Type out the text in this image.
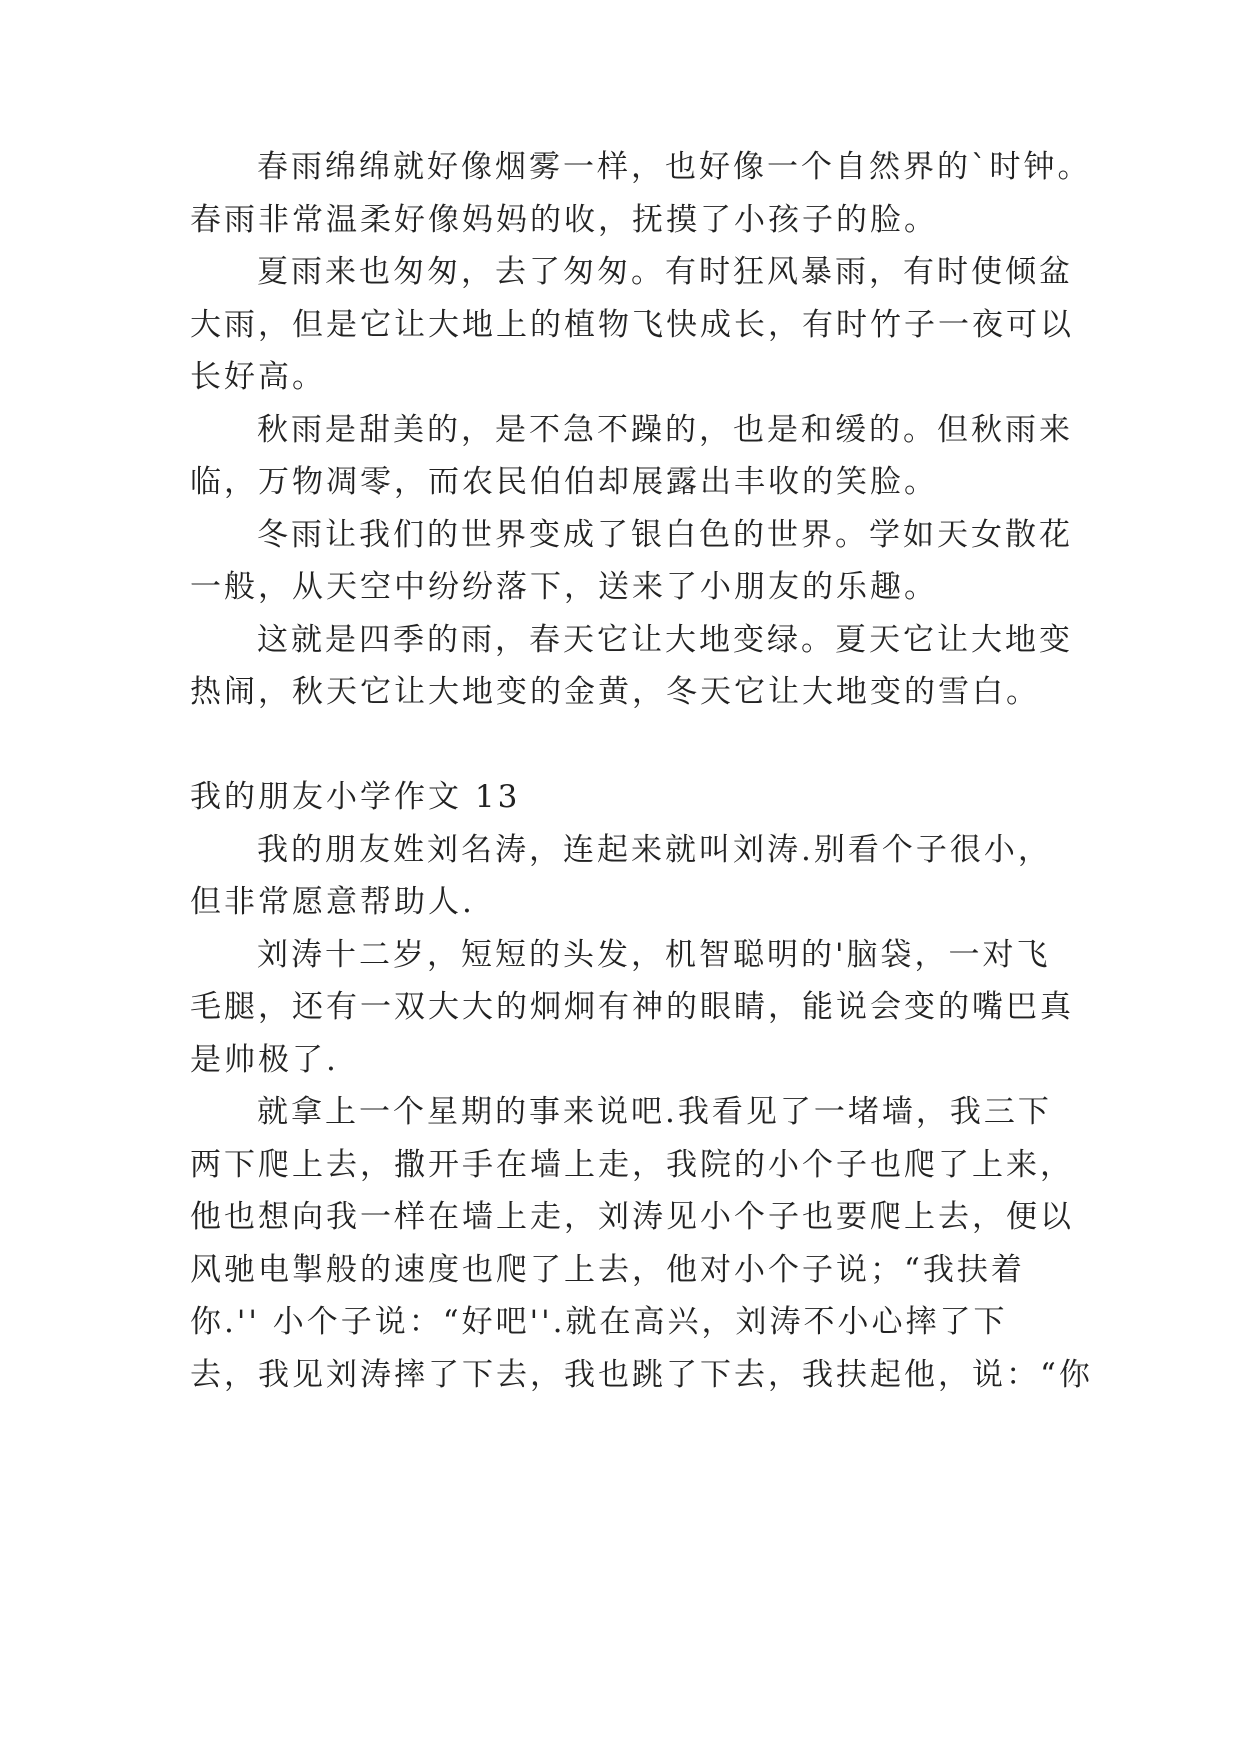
春雨绵绵就好像烟雾一样，也好像一个自然界的`时钟。
春雨非常温柔好像妈妈的收，抚摸了小孩子的脸。
夏雨来也匆匆，去了匆匆。有时狂风暴雨，有时使倾盆
大雨，但是它让大地上的植物飞快成长，有时竹子一夜可以
长好高。
秋雨是甜美的，是不急不躁的，也是和缓的。但秋雨来
临，万物凋零，而农民伯伯却展露出丰收的笑脸。
冬雨让我们的世界变成了银白色的世界。学如天女散花
一般，从天空中纷纷落下，送来了小朋友的乐趣。
这就是四季的雨，春天它让大地变绿。夏天它让大地变
热闹，秋天它让大地变的金黄，冬天它让大地变的雪白。
我的朋友小学作文 13
我的朋友姓刘名涛，连起来就叫刘涛.别看个子很小，
但非常愿意帮助人.
刘涛十二岁，短短的头发，机智聪明的'脑袋，一对飞
毛腿，还有一双大大的炯炯有神的眼睛，能说会变的嘴巴真
是帅极了.
就拿上一个星期的事来说吧.我看见了一堵墙，我三下
两下爬上去，撒开手在墙上走，我院的小个子也爬了上来，
他也想向我一样在墙上走，刘涛见小个子也要爬上去，便以
风驰电掣般的速度也爬了上去，他对小个子说；“我扶着
你.'' 小个子说：“好吧''.就在高兴，刘涛不小心摔了下
去，我见刘涛摔了下去，我也跳了下去，我扶起他，说：“你
